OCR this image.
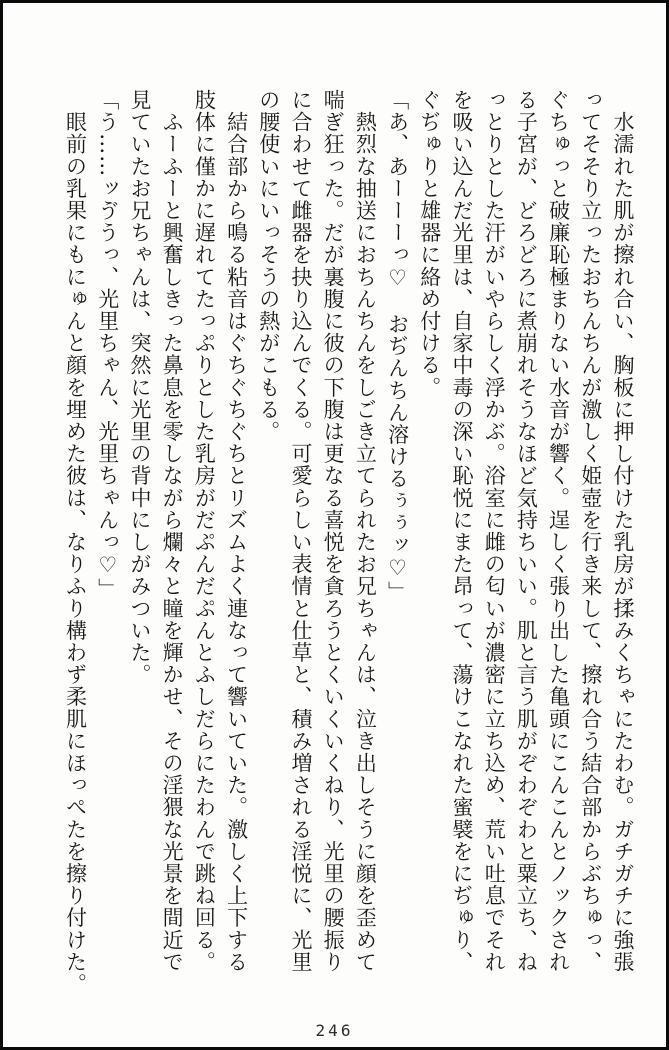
　水濡れた肌が擦れ合い、胸板に押し付けた乳房が揉みくちゃにたわむ。ガチガチに強張

ってそそり立ったおちんちんが激しく姫壺を行き来して、擦れ合う結合部からぶちゅっ、

ぐちゅっと破廉恥極まりない水音が響く。逞しく張り出した亀頭にこんこんとノックされ

る子宮が、どろどろに煮崩れそうなほど気持ちいい。肌と言う肌がぞわぞわと粟立ち、ね

っとりとした汗がいやらしく浮かぶ。浴室に雌の匂いが濃密に立ち込め、荒い吐息でそれ

を吸い込んだ光里は、自家中毒の深い恥悦にまた昂って、蕩けこなれた蜜襞をにぢゅり、

ぐぢゅりと雄器に絡め付ける。

「あ、あーーーっ♡　おぢんちん溶けるぅぅッ♡」

　熱烈な抽送におちんちんをしごき立てられたお兄ちゃんは、泣き出しそうに顔を歪めて

喘ぎ狂った。だが裏腹に彼の下腹は更なる喜悦を貪ろうとくいくいくねり、光里の腰振り

に合わせて雌器を抉り込んでくる。可愛らしい表情と仕草と、積み増される淫悦に、光里

の腰使いにいっそうの熱がこもる。

　結合部から鳴る粘音はぐちぐちぐちとリズムよく連なって響いていた。激しく上下する

肢体に僅かに遅れてたっぷりとした乳房がだぷんだぷんとふしだらにたわんで跳ね回る。

　ふーふーと興奮しきった鼻息を零しながら爛々と瞳を輝かせ、その淫猥な光景を間近で

見ていたお兄ちゃんは、突然に光里の背中にしがみついた。

「う……ッゔうっ、光里ちゃん、光里ちゃんっ♡」

　眼前の乳果にもにゅんと顔を埋めた彼は、なりふり構わず柔肌にほっぺたを擦り付けた。

246
